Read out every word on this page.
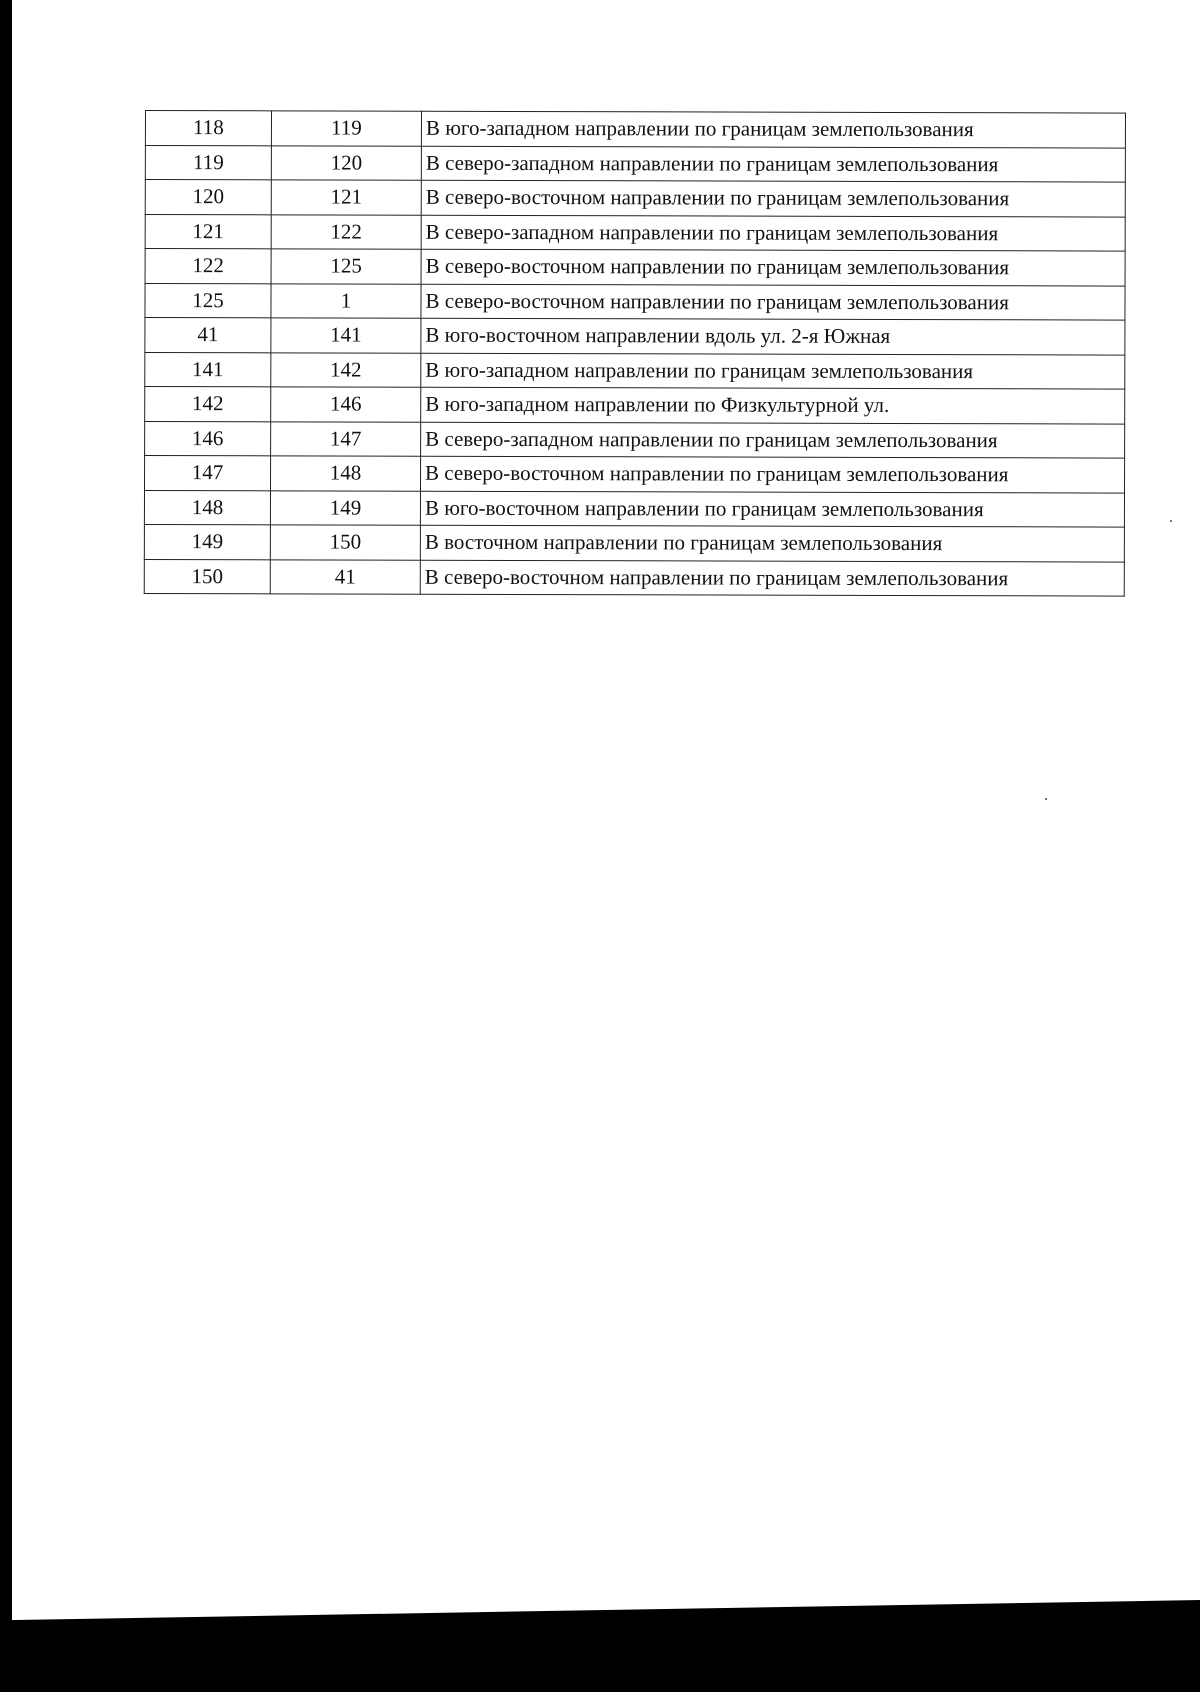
118	119	В юго-западном направлении по границам землепользования
119	120	В северо-западном направлении по границам землепользования
120	121	В северо-восточном направлении по границам землепользования
121	122	В северо-западном направлении по границам землепользования
122	125	В северо-восточном направлении по границам землепользования
125	1	В северо-восточном направлении по границам землепользования
41	141	В юго-восточном направлении вдоль ул. 2-я Южная
141	142	В юго-западном направлении по границам землепользования
142	146	В юго-западном направлении по Физкультурной ул.
146	147	В северо-западном направлении по границам землепользования
147	148	В северо-восточном направлении по границам землепользования
148	149	В юго-восточном направлении по границам землепользования
149	150	В восточном направлении по границам землепользования
150	41	В северо-восточном направлении по границам землепользования
